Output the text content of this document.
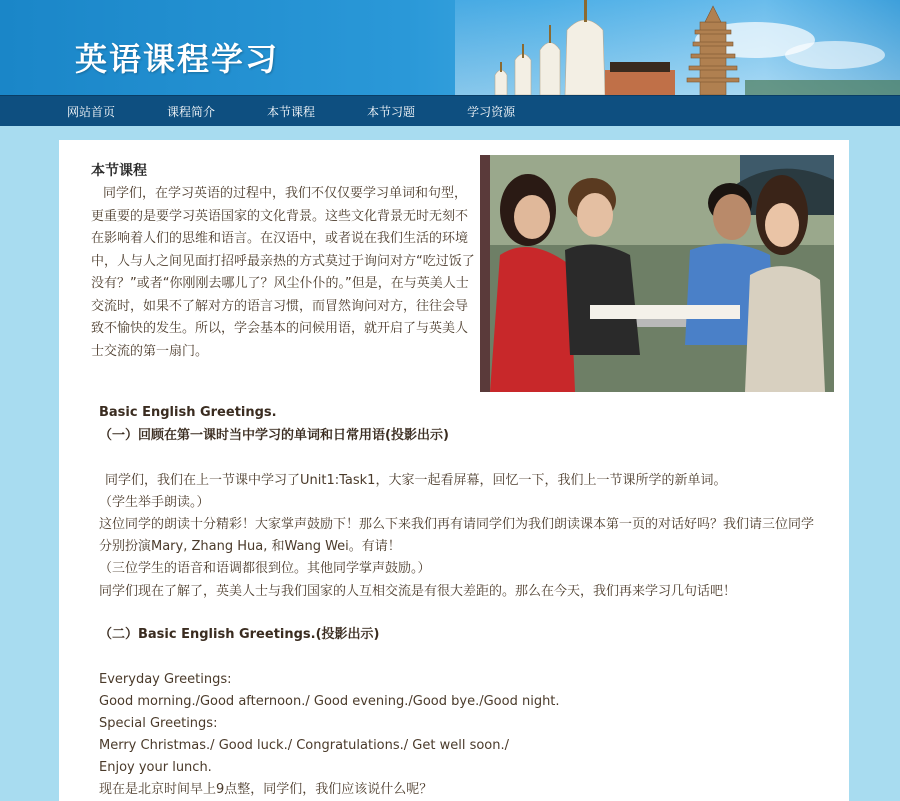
英语课程学习
网站首页	课程简介	本节课程	本节习题	学习资源
本节课程
同学们，在学习英语的过程中，我们不仅仅要学习单词和句型，更重要的是要学习英语国家的文化背景。这些文化背景无时无刻不在影响着人们的思维和语言。在汉语中，或者说在我们生活的环境中，人与人之间见面打招呼最亲热的方式莫过于询问对方“吃过饭了没有？”或者“你刚刚去哪儿了？风尘仆仆的。”但是，在与英美人士交流时，如果不了解对方的语言习惯，而冒然询问对方，往往会导致不愉快的发生。所以，学会基本的问候用语，就开启了与英美人士交流的第一扇门。
Basic English Greetings.
（一）回顾在第一课时当中学习的单词和日常用语(投影出示)
同学们，我们在上一节课中学习了Unit1:Task1，大家一起看屏幕，回忆一下，我们上一节课所学的新单词。
（学生举手朗读。）
这位同学的朗读十分精彩！大家掌声鼓励下！那么下来我们再有请同学们为我们朗读课本第一页的对话好吗？我们请三位同学分别扮演Mary, Zhang Hua, 和Wang Wei。有请！
（三位学生的语音和语调都很到位。其他同学掌声鼓励。）
同学们现在了解了，英美人士与我们国家的人互相交流是有很大差距的。那么在今天，我们再来学习几句话吧！
（二）Basic English Greetings.(投影出示)
Everyday Greetings:
Good morning./Good afternoon./ Good evening./Good bye./Good night.
Special Greetings:
Merry Christmas./ Good luck./ Congratulations./ Get well soon./ Enjoy your lunch.
现在是北京时间早上9点整，同学们，我们应该说什么呢？
